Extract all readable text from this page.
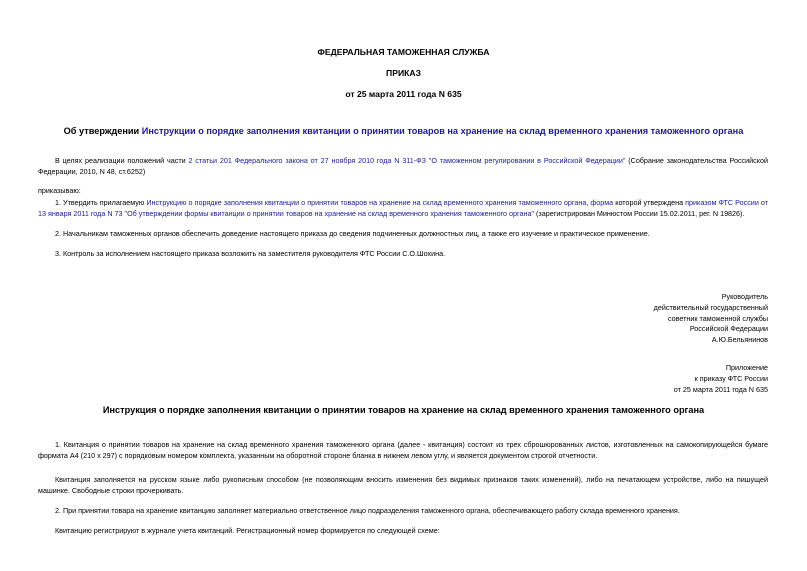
ФЕДЕРАЛЬНАЯ ТАМОЖЕННАЯ СЛУЖБА
ПРИКАЗ
от 25 марта 2011 года N 635
Об утверждении Инструкции о порядке заполнения квитанции о принятии товаров на хранение на склад временного хранения таможенного органа
В целях реализации положений части 2 статьи 201 Федерального закона от 27 ноября 2010 года N 311-ФЗ "О таможенном регулировании в Российской Федерации" (Собрание законодательства Российской Федерации, 2010, N 48, ст.6252)
приказываю:
1. Утвердить прилагаемую Инструкцию о порядке заполнения квитанции о принятии товаров на хранение на склад временного хранения таможенного органа, форма которой утверждена приказом ФТС России от 13 января 2011 года N 73 "Об утверждении формы квитанции о принятии товаров на хранение на склад временного хранения таможенного органа" (зарегистрирован Минюстом России 15.02.2011, рег. N 19826).
2. Начальникам таможенных органов обеспечить доведение настоящего приказа до сведения подчиненных должностных лиц, а также его изучение и практическое применение.
3. Контроль за исполнением настоящего приказа возложить на заместителя руководителя ФТС России С.О.Шохина.
Руководитель
действительный государственный
советник таможенной службы
Российской Федерации
А.Ю.Бельянинов
Приложение
к приказу ФТС России
от 25 марта 2011 года N 635
Инструкция о порядке заполнения квитанции о принятии товаров на хранение на склад временного хранения таможенного органа
1. Квитанция о принятии товаров на хранение на склад временного хранения таможенного органа (далее - квитанция) состоит из трех сброшюрованных листов, изготовленных на самокопирующейся бумаге формата А4 (210 х 297) с порядковым номером комплекта, указанным на оборотной стороне бланка в нижнем левом углу, и является документом строгой отчетности.
Квитанция заполняется на русском языке либо рукописным способом (не позволяющим вносить изменения без видимых признаков таких изменений), либо на печатающем устройстве, либо на пишущей машинке. Свободные строки прочеркивать.
2. При принятии товара на хранение квитанцию заполняет материально ответственное лицо подразделения таможенного органа, обеспечивающего работу склада временного хранения.
Квитанцию регистрируют в журнале учета квитанций. Регистрационный номер формируется по следующей схеме:
